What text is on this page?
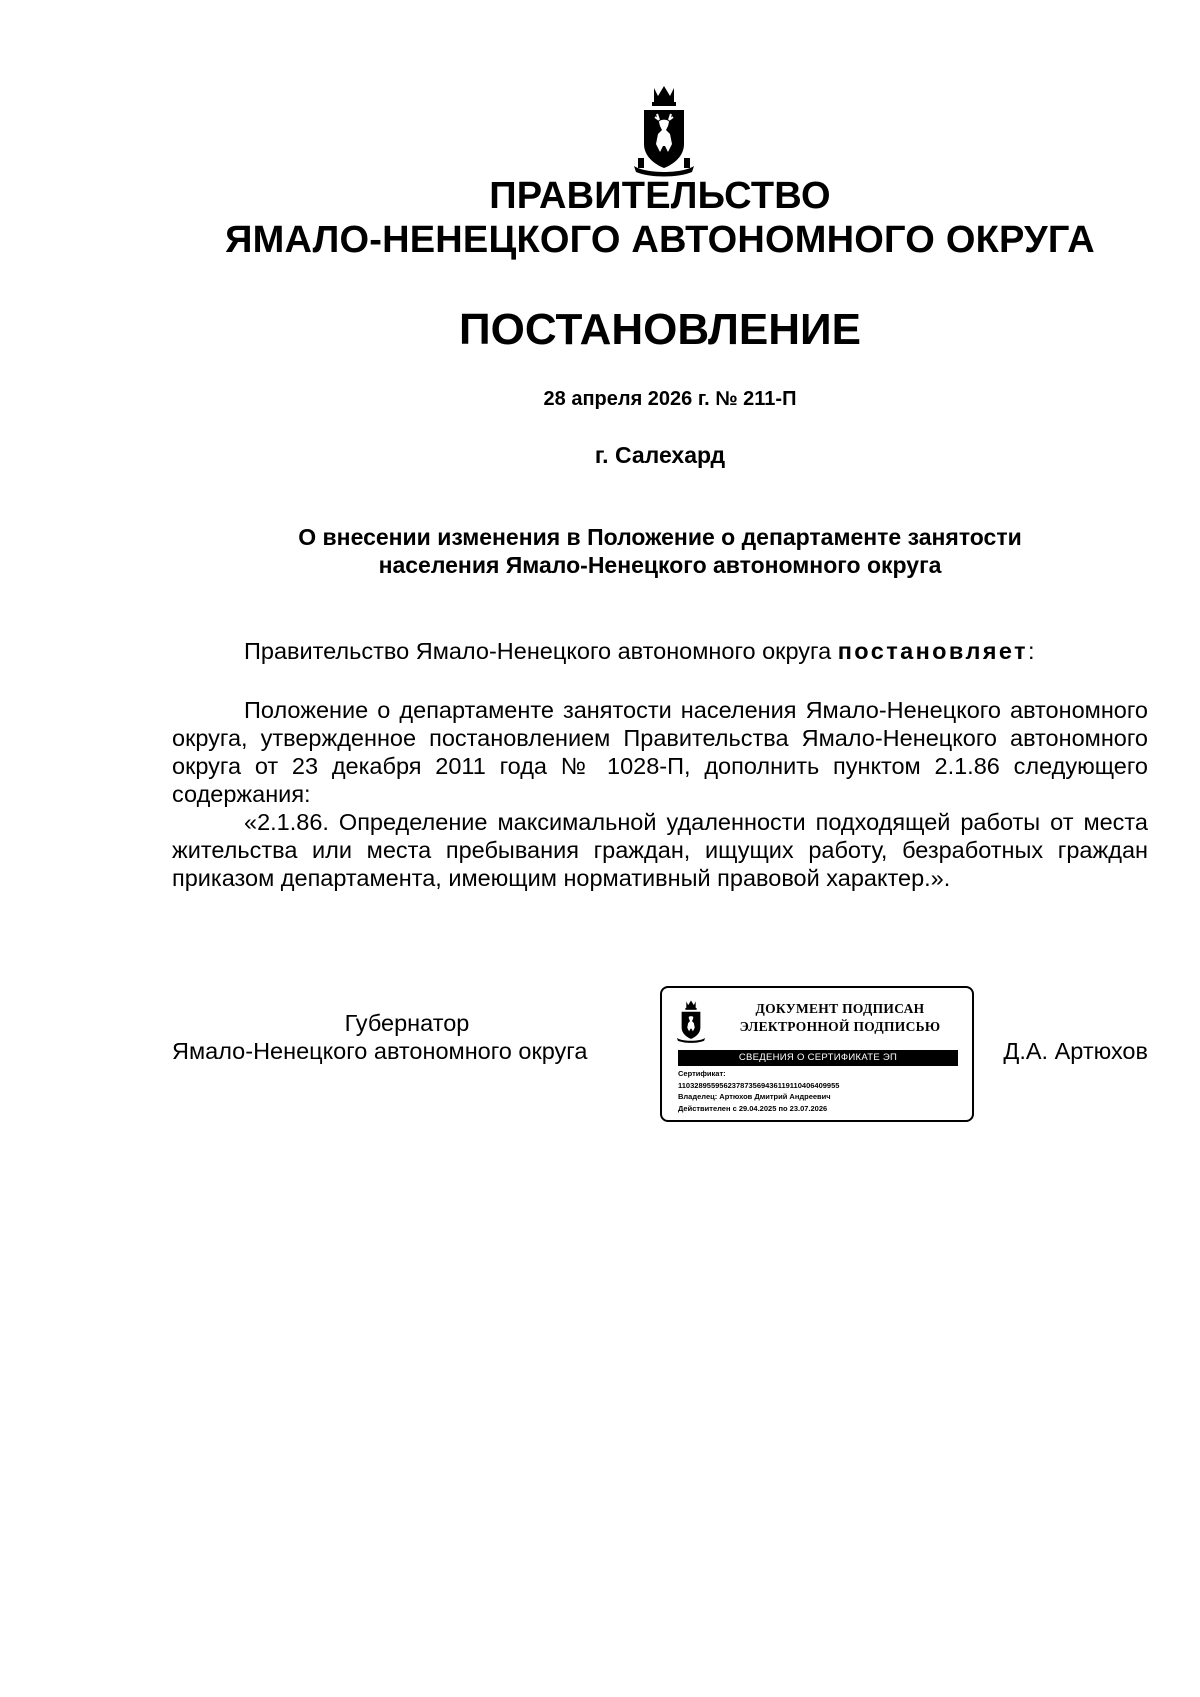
ПРАВИТЕЛЬСТВО
ЯМАЛО-НЕНЕЦКОГО АВТОНОМНОГО ОКРУГА
ПОСТАНОВЛЕНИЕ
28 апреля 2026 г. № 211-П
г. Салехард
О внесении изменения в Положение о департаменте занятости
населения Ямало-Ненецкого автономного округа
Правительство Ямало-Ненецкого автономного округа постановляет:
Положение о департаменте занятости населения Ямало-Ненецкого автономного округа, утвержденное постановлением Правительства Ямало-Ненецкого автономного округа от 23 декабря 2011 года № 1028-П, дополнить пунктом 2.1.86 следующего содержания:
«2.1.86. Определение максимальной удаленности подходящей работы от места жительства или места пребывания граждан, ищущих работу, безработных граждан приказом департамента, имеющим нормативный правовой характер.».
Губернатор
Ямало-Ненецкого автономного округа
ДОКУМЕНТ ПОДПИСАН
ЭЛЕКТРОННОЙ ПОДПИСЬЮ
СВЕДЕНИЯ О СЕРТИФИКАТЕ ЭП
Сертификат:
110328955956237873569436119110406409955
Владелец: Артюхов Дмитрий Андреевич
Действителен с 29.04.2025 по 23.07.2026
Д.А. Артюхов
